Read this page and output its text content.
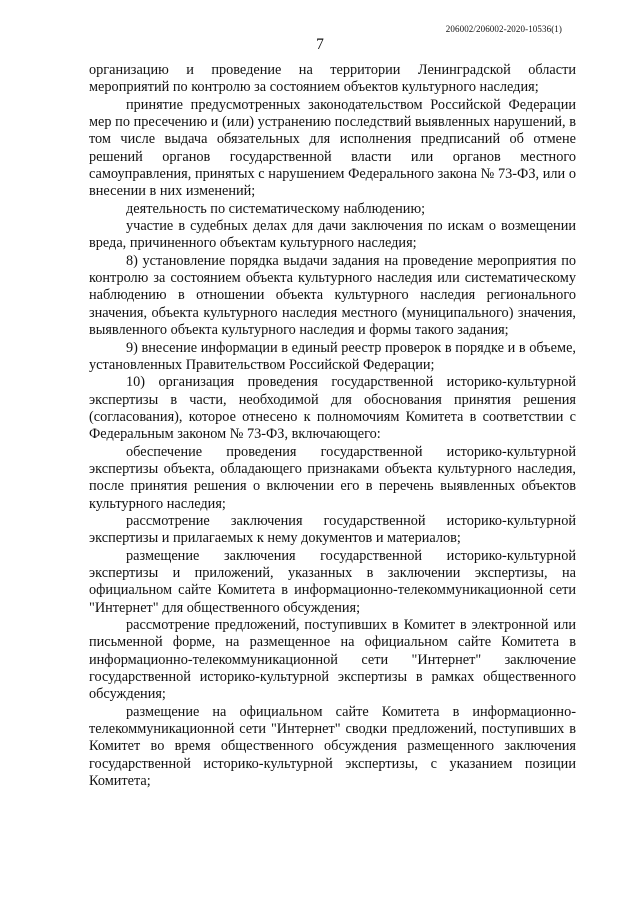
206002/206002-2020-10536(1)
7

организацию и проведение на территории Ленинградской области мероприятий по контролю за состоянием объектов культурного наследия;

принятие предусмотренных законодательством Российской Федерации мер по пресечению и (или) устранению последствий выявленных нарушений, в том числе выдача обязательных для исполнения предписаний об отмене решений органов государственной власти или органов местного самоуправления, принятых с нарушением Федерального закона № 73-ФЗ, или о внесении в них изменений;

деятельность по систематическому наблюдению;

участие в судебных делах для дачи заключения по искам о возмещении вреда, причиненного объектам культурного наследия;

8) установление порядка выдачи задания на проведение мероприятия по контролю за состоянием объекта культурного наследия или систематическому наблюдению в отношении объекта культурного наследия регионального значения, объекта культурного наследия местного (муниципального) значения, выявленного объекта культурного наследия и формы такого задания;

9) внесение информации в единый реестр проверок в порядке и в объеме, установленных Правительством Российской Федерации;

10) организация проведения государственной историко-культурной экспертизы в части, необходимой для обоснования принятия решения (согласования), которое отнесено к полномочиям Комитета в соответствии с Федеральным законом № 73-ФЗ, включающего:

обеспечение проведения государственной историко-культурной экспертизы объекта, обладающего признаками объекта культурного наследия, после принятия решения о включении его в перечень выявленных объектов культурного наследия;

рассмотрение заключения государственной историко-культурной экспертизы и прилагаемых к нему документов и материалов;

размещение заключения государственной историко-культурной экспертизы и приложений, указанных в заключении экспертизы, на официальном сайте Комитета в информационно-телекоммуникационной сети "Интернет" для общественного обсуждения;

рассмотрение предложений, поступивших в Комитет в электронной или письменной форме, на размещенное на официальном сайте Комитета в информационно-телекоммуникационной сети "Интернет" заключение государственной историко-культурной экспертизы в рамках общественного обсуждения;

размещение на официальном сайте Комитета в информационно-телекоммуникационной сети "Интернет" сводки предложений, поступивших в Комитет во время общественного обсуждения размещенного заключения государственной историко-культурной экспертизы, с указанием позиции Комитета;
